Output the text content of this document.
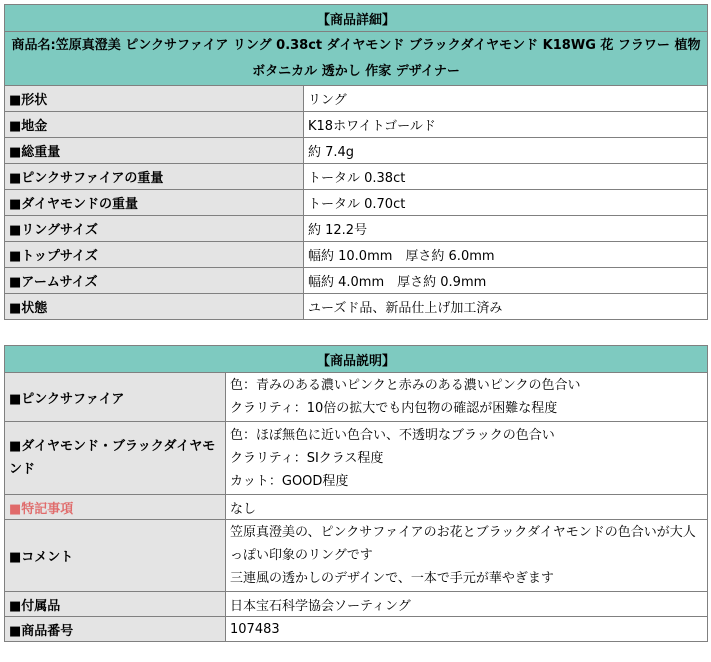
【商品詳細】	
商品名:笠原真澄美 ピンクサファイア リング 0.38ct ダイヤモンド ブラックダイヤモンド K18WG 花 フラワー 植物 ボタニカル 透かし 作家 デザイナー	
■形状	リング
■地金	K18ホワイトゴールド
■総重量	約 7.4g
■ピンクサファイアの重量	トータル 0.38ct
■ダイヤモンドの重量	トータル 0.70ct
■リングサイズ	約 12.2号
■トップサイズ	幅約 10.0mm　厚さ約 6.0mm
■アームサイズ	幅約 4.0mm　厚さ約 0.9mm
■状態	ユーズド品、新品仕上げ加工済み
【商品説明】	
■ピンクサファイア	色：青みのある濃いピンクと赤みのある濃いピンクの色合い
クラリティ：10倍の拡大でも内包物の確認が困難な程度

■ダイヤモンド・ブラックダイヤモンド	色：ほぼ無色に近い色合い、不透明なブラックの色合い
クラリティ：SIクラス程度
カット：GOOD程度

■特記事項	なし
■コメント	笠原真澄美の、ピンクサファイアのお花とブラックダイヤモンドの色合いが大人っぽい印象のリングです
三連風の透かしのデザインで、一本で手元が華やぎます

■付属品	日本宝石科学協会ソーティング
■商品番号	107483
